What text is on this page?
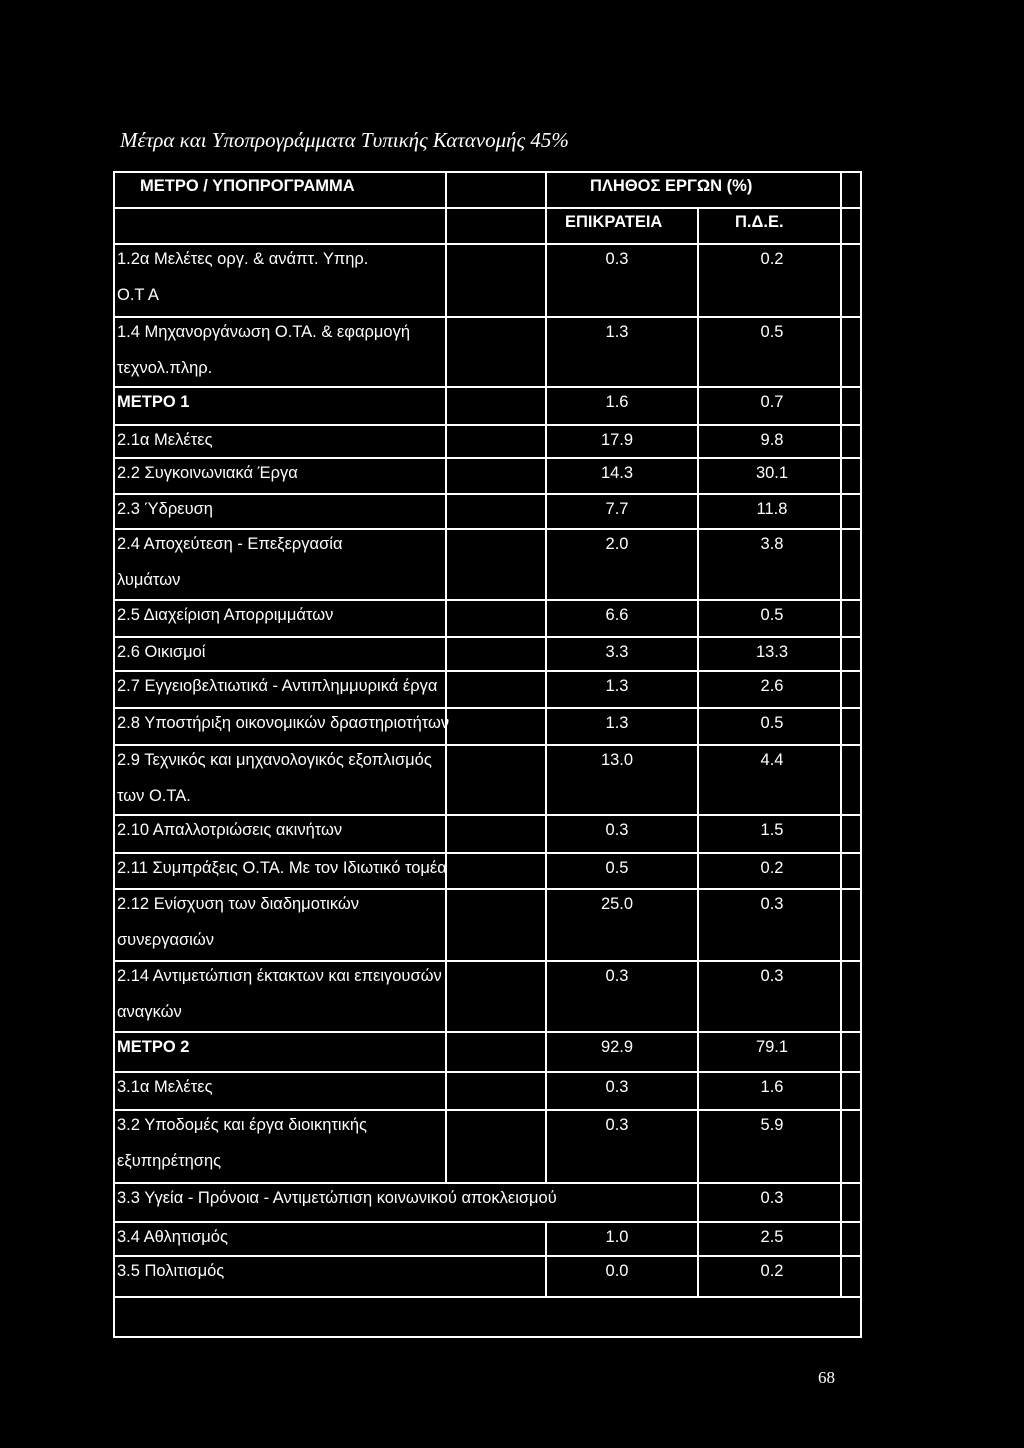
Μέτρα και Υποπρογράμματα Τυπικής Κατανομής 45%
68
ΜΕΤΡΟ / ΥΠΟΠΡΟΓΡΑΜΜΑ	ΠΛΗΘΟΣ ΕΡΓΩΝ (%)
ΕΠΙΚΡΑΤΕΙΑ	Π.Δ.Ε.
1.2α Μελέτες οργ. & ανάπτ. Υπηρ.
Ο.Τ Α
0.3	0.2
1.4 Μηχανοργάνωση Ο.ΤΑ. & εφαρμογή
τεχνολ.πληρ.
1.3	0.5
ΜΕΤΡΟ 1	1.6	0.7
2.1α Μελέτες	17.9	9.8
2.2 Συγκοινωνιακά Έργα	14.3	30.1
2.3 Ύδρευση	7.7	11.8
2.4 Αποχεύτεση - Επεξεργασία
λυμάτων
2.0	3.8
2.5 Διαχείριση Απορριμμάτων	6.6	0.5
2.6 Οικισμοί	3.3	13.3
2.7 Εγγειοβελτιωτικά - Αντιπλημμυρικά έργα	1.3	2.6
2.8 Υποστήριξη οικονομικών δραστηριοτήτων	1.3	0.5
2.9 Τεχνικός και μηχανολογικός εξοπλισμός
των Ο.ΤΑ.
13.0	4.4
2.10 Απαλλοτριώσεις ακινήτων	0.3	1.5
2.11 Συμπράξεις Ο.ΤΑ. Με τον Ιδιωτικό τομέα	0.5	0.2
2.12 Ενίσχυση των διαδημοτικών
συνεργασιών
25.0	0.3
2.14 Αντιμετώπιση έκτακτων και επειγουσών
αναγκών
0.3	0.3
ΜΕΤΡΟ 2	92.9	79.1
3.1α Μελέτες	0.3	1.6
3.2 Υποδομές και έργα διοικητικής
εξυπηρέτησης
0.3	5.9
3.3 Υγεία - Πρόνοια - Αντιμετώπιση κοινωνικού αποκλεισμού	0.3
3.4 Αθλητισμός	1.0	2.5
3.5 Πολιτισμός	0.0	0.2
